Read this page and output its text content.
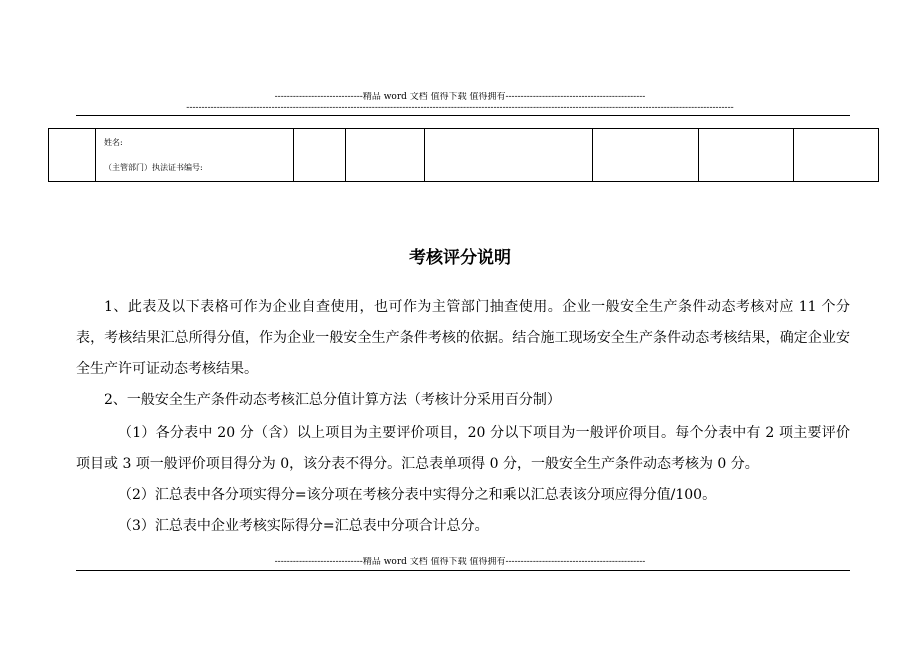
-----------------------------精品 word 文档 值得下载 值得拥有----------------------------------------------
------------------------------------------------------------------------------------------------------------------------------------------------------------------------------------

姓名:
（主管部门）执法证书编号:

考核评分说明

1、此表及以下表格可作为企业自查使用，也可作为主管部门抽查使用。企业一般安全生产条件动态考核对应 11 个分表，考核结果汇总所得分值，作为企业一般安全生产条件考核的依据。结合施工现场安全生产条件动态考核结果，确定企业安全生产许可证动态考核结果。

2、一般安全生产条件动态考核汇总分值计算方法（考核计分采用百分制）

（1）各分表中 20 分（含）以上项目为主要评价项目，20 分以下项目为一般评价项目。每个分表中有 2 项主要评价项目或 3 项一般评价项目得分为 0，该分表不得分。汇总表单项得 0 分，一般安全生产条件动态考核为 0 分。

（2）汇总表中各分项实得分=该分项在考核分表中实得分之和乘以汇总表该分项应得分值/100。

（3）汇总表中企业考核实际得分=汇总表中分项合计总分。

-----------------------------精品 word 文档 值得下载 值得拥有----------------------------------------------
